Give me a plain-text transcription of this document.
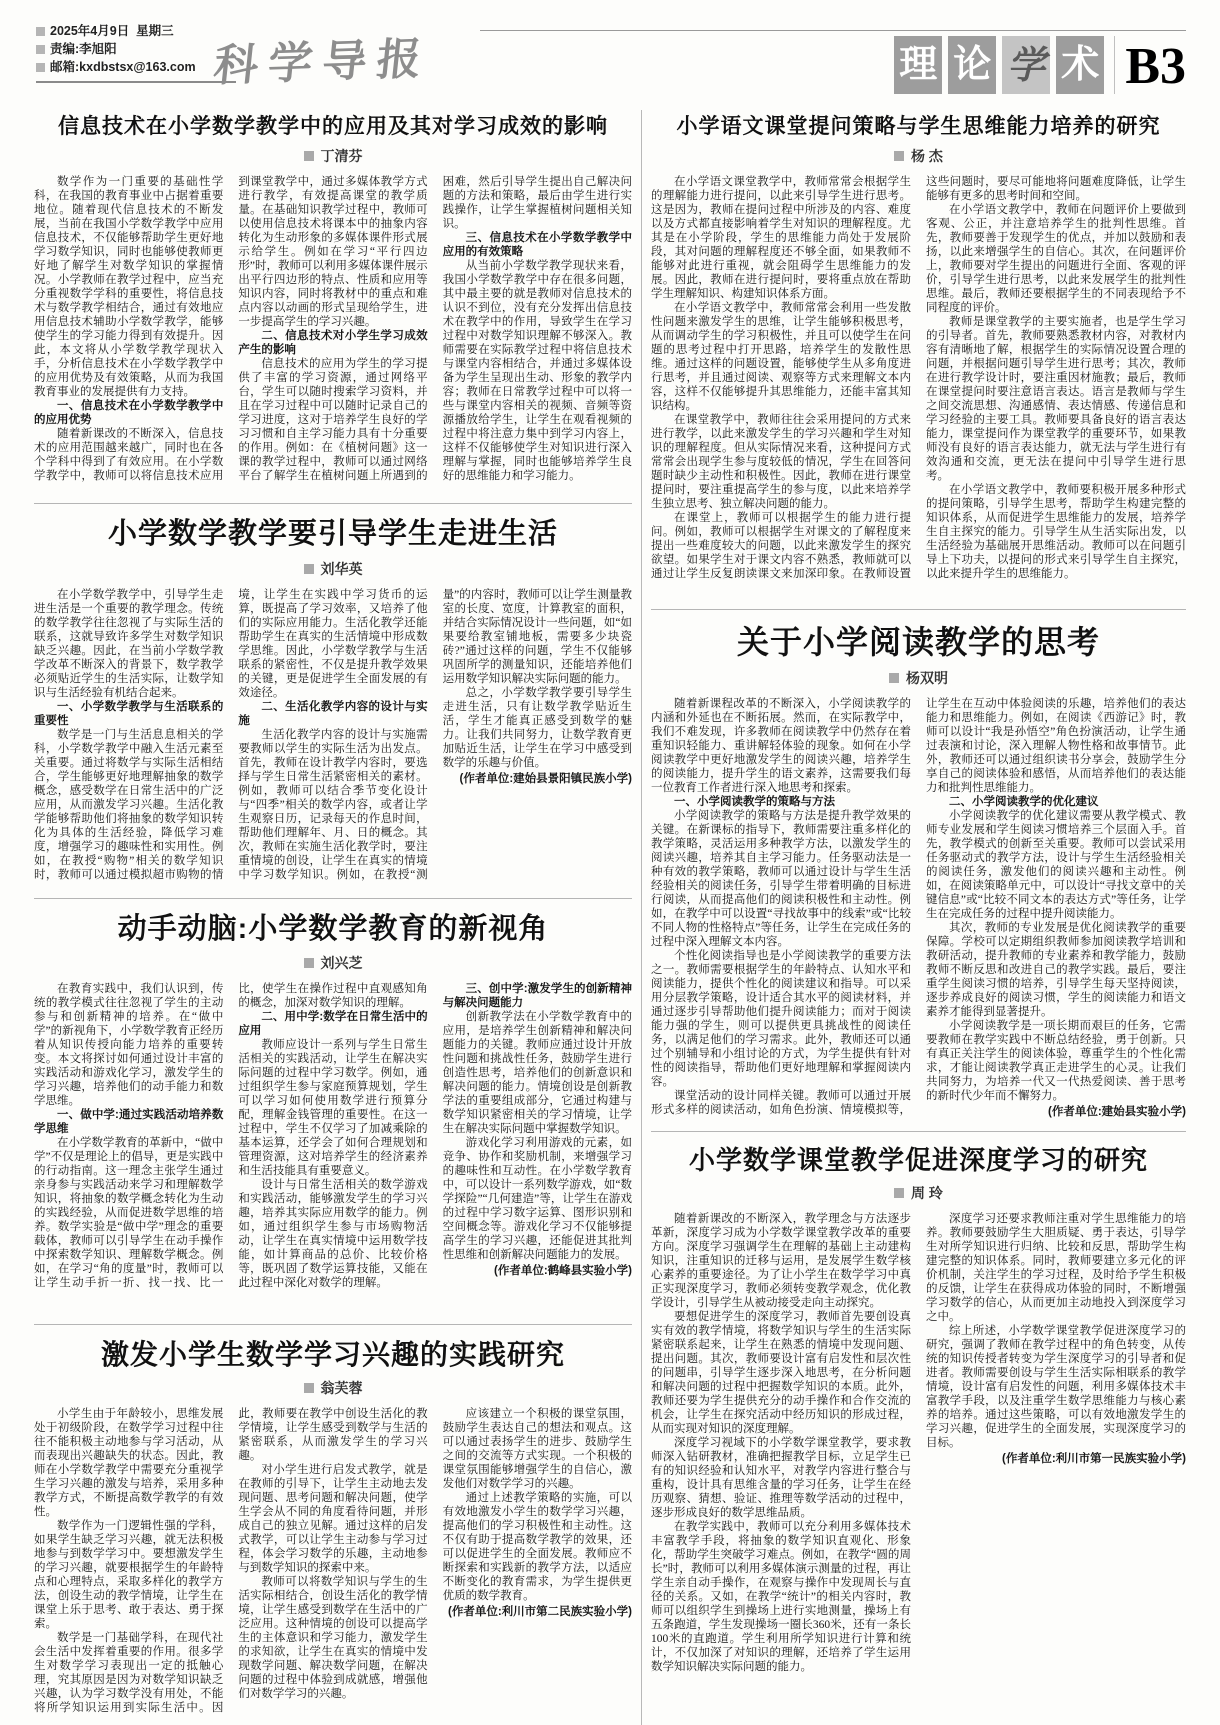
2025年4月9日
星期三
责编:李旭阳
邮箱:kxdbstsx@163.com 科学导报	理 论 学 术 B3
信息技术在小学数学教学中的应用及其对学习成效的影响
丁清芬

数学作为一门重要的基础性学科，在我国的教育事业中占据着重要地位。随着现代信息技术的不断发展，当前在我国小学数学教学中应用信息技术，不仅能够帮助学生更好地学习数学知识，同时也能够使教师更好地了解学生对数学知识的掌握情况。小学教师在教学过程中，应当充分重视数学学科的重要性，将信息技术与数学教学相结合，通过有效地应用信息技术辅助小学数学教学，能够使学生的学习能力得到有效提升。因此，本文将从小学数学教学现状入手，分析信息技术在小学数学教学中的应用优势及有效策略，从而为我国教育事业的发展提供有力支持。

一、信息技术在小学数学教学中的应用优势

随着新课改的不断深入，信息技术的应用范围越来越广，同时也在各个学科中得到了有效应用。在小学数学教学中，教师可以将信息技术应用到课堂教学中，通过多媒体教学方式进行教学，有效提高课堂的教学质量。在基础知识教学过程中，教师可以使用信息技术将课本中的抽象内容转化为生动形象的多媒体课件形式展示给学生。例如在学习“平行四边形”时，教师可以利用多媒体课件展示出平行四边形的特点、性质和应用等知识内容，同时将教材中的重点和难点内容以动画的形式呈现给学生，进一步提高学生的学习兴趣。

二、信息技术对小学生学习成效产生的影响

信息技术的应用为学生的学习提供了丰富的学习资源，通过网络平台，学生可以随时搜索学习资料，并且在学习过程中可以随时记录自己的学习进度，这对于培养学生良好的学习习惯和自主学习能力具有十分重要的作用。例如：在《植树问题》这一课的教学过程中，教师可以通过网络平台了解学生在植树问题上所遇到的困难，然后引导学生提出自己解决问题的方法和策略，最后由学生进行实践操作，让学生掌握植树问题相关知识。

三、信息技术在小学数学教学中应用的有效策略

从当前小学数学教学现状来看，我国小学数学教学中存在很多问题，其中最主要的就是教师对信息技术的认识不到位，没有充分发挥出信息技术在教学中的作用，导致学生在学习过程中对数学知识理解不够深入。教师需要在实际教学过程中将信息技术与课堂内容相结合，并通过多媒体设备为学生呈现出生动、形象的教学内容；教师在日常教学过程中可以将一些与课堂内容相关的视频、音频等资源播放给学生，让学生在观看视频的过程中将注意力集中到学习内容上，这样不仅能够使学生对知识进行深入理解与掌握，同时也能够培养学生良好的思维能力和学习能力。

小学数学教学要引导学生走进生活
刘华英

在小学数学教学中，引导学生走进生活是一个重要的教学理念。传统的数学教学往往忽视了与实际生活的联系，这就导致许多学生对数学知识缺乏兴趣。因此，在当前小学数学教学改革不断深入的背景下，数学教学必须贴近学生的生活实际，让数学知识与生活经验有机结合起来。

一、小学数学教学与生活联系的重要性

数学是一门与生活息息相关的学科，小学数学教学中融入生活元素至关重要。通过将数学与实际生活相结合，学生能够更好地理解抽象的数学概念，感受数学在日常生活中的广泛应用，从而激发学习兴趣。生活化教学能够帮助他们将抽象的数学知识转化为具体的生活经验，降低学习难度，增强学习的趣味性和实用性。例如，在教授“购物”相关的数学知识时，教师可以通过模拟超市购物的情境，让学生在实践中学习货币的运算，既提高了学习效率，又培养了他们的实际应用能力。生活化教学还能帮助学生在真实的生活情境中形成数学思维。因此，小学数学教学与生活联系的紧密性，不仅是提升教学效果的关键，更是促进学生全面发展的有效途径。

二、生活化教学内容的设计与实施

生活化教学内容的设计与实施需要教师以学生的实际生活为出发点。首先，教师在设计教学内容时，要选择与学生日常生活紧密相关的素材。例如，教师可以结合季节变化设计与“四季”相关的数学内容，或者让学生观察日历，记录每天的作息时间，帮助他们理解年、月、日的概念。其次，教师在实施生活化教学时，要注重情境的创设，让学生在真实的情境中学习数学知识。例如，在教授“测量”的内容时，教师可以让学生测量教室的长度、宽度，计算教室的面积，并结合实际情况设计一些问题，如“如果要给教室铺地板，需要多少块瓷砖?”通过这样的问题，学生不仅能够巩固所学的测量知识，还能培养他们运用数学知识解决实际问题的能力。

总之，小学数学教学要引导学生走进生活，只有让数学教学贴近生活，学生才能真正感受到数学的魅力。让我们共同努力，让数学教育更加贴近生活，让学生在学习中感受到数学的乐趣与价值。

(作者单位:建始县景阳镇民族小学)

动手动脑:小学数学教育的新视角
刘兴芝

在教育实践中，我们认识到，传统的教学模式往往忽视了学生的主动参与和创新精神的培养。在“做中学”的新视角下，小学数学教育正经历着从知识传授向能力培养的重要转变。本文将探讨如何通过设计丰富的实践活动和游戏化学习，激发学生的学习兴趣，培养他们的动手能力和数学思维。

一、做中学:通过实践活动培养数学思维

在小学数学教育的革新中，“做中学”不仅是理论上的倡导，更是实践中的行动指南。这一理念主张学生通过亲身参与实践活动来学习和理解数学知识，将抽象的数学概念转化为生动的实践经验，从而促进数学思维的培养。数学实验是“做中学”理念的重要载体，教师可以引导学生在动手操作中探索数学知识、理解数学概念。例如，在学习“角的度量”时，教师可以让学生动手折一折、找一找、比一比，使学生在操作过程中直观感知角的概念，加深对数学知识的理解。

二、用中学:数学在日常生活中的应用

教师应设计一系列与学生日常生活相关的实践活动，让学生在解决实际问题的过程中学习数学。例如，通过组织学生参与家庭预算规划，学生可以学习如何使用数学进行预算分配，理解金钱管理的重要性。在这一过程中，学生不仅学习了加减乘除的基本运算，还学会了如何合理规划和管理资源，这对培养学生的经济素养和生活技能具有重要意义。

设计与日常生活相关的数学游戏和实践活动，能够激发学生的学习兴趣，培养其实际应用数学的能力。例如，通过组织学生参与市场购物活动，让学生在真实情境中运用数学技能，如计算商品的总价、比较价格等，既巩固了数学运算技能，又能在此过程中深化对数学的理解。

三、创中学:激发学生的创新精神与解决问题能力

创新教学法在小学数学教育中的应用，是培养学生创新精神和解决问题能力的关键。教师应通过设计开放性问题和挑战性任务，鼓励学生进行创造性思考，培养他们的创新意识和解决问题的能力。情境创设是创新教学法的重要组成部分，它通过构建与数学知识紧密相关的学习情境，让学生在解决实际问题中掌握数学知识。

游戏化学习利用游戏的元素，如竞争、协作和奖励机制，来增强学习的趣味性和互动性。在小学数学教育中，可以设计一系列数学游戏，如“数学探险”“几何建造”等，让学生在游戏的过程中学习数字运算、图形识别和空间概念等。游戏化学习不仅能够提高学生的学习兴趣，还能促进其批判性思维和创新解决问题能力的发展。

(作者单位:鹤峰县实验小学)

激发小学生数学学习兴趣的实践研究
翁芙蓉

小学生由于年龄较小，思维发展处于初级阶段，在数学学习过程中往往不能积极主动地参与学习活动，从而表现出兴趣缺失的状态。因此，教师在小学数学教学中需要充分重视学生学习兴趣的激发与培养，采用多种教学方式，不断提高数学教学的有效性。

数学作为一门逻辑性强的学科，如果学生缺乏学习兴趣，就无法积极地参与到数学学习中。要想激发学生的学习兴趣，就要根据学生的年龄特点和心理特点，采取多样化的教学方法，创设生动的教学情境，让学生在课堂上乐于思考、敢于表达、勇于探索。

数学是一门基础学科，在现代社会生活中发挥着重要的作用。很多学生对数学学习表现出一定的抵触心理，究其原因是因为对数学知识缺乏兴趣，认为学习数学没有用处，不能将所学知识运用到实际生活中。因此，教师要在教学中创设生活化的教学情境，让学生感受到数学与生活的紧密联系，从而激发学生的学习兴趣。

对小学生进行启发式教学，就是在教师的引导下，让学生主动地去发现问题、思考问题和解决问题，使学生学会从不同的角度看待问题，并形成自己的独立见解。通过这样的启发式教学，可以让学生主动参与学习过程，体会学习数学的乐趣，主动地参与到数学知识的探索中来。

教师可以将数学知识与学生的生活实际相结合，创设生活化的教学情境，让学生感受到数学在生活中的广泛应用。这种情境的创设可以提高学生的主体意识和学习能力，激发学生的求知欲，让学生在真实的情境中发现数学问题、解决数学问题，在解决问题的过程中体验到成就感，增强他们对数学学习的兴趣。

应该建立一个积极的课堂氛围，鼓励学生表达自己的想法和观点。这可以通过表扬学生的进步、鼓励学生之间的交流等方式实现。一个积极的课堂氛围能够增强学生的自信心，激发他们对数学学习的兴趣。

通过上述教学策略的实施，可以有效地激发小学生的数学学习兴趣，提高他们的学习积极性和主动性。这不仅有助于提高数学教学的效果，还可以促进学生的全面发展。教师应不断探索和实践新的教学方法，以适应不断变化的教育需求，为学生提供更优质的数学教育。

(作者单位:利川市第二民族实验小学)

小学语文课堂提问策略与学生思维能力培养的研究
杨 杰

在小学语文课堂教学中，教师常常会根据学生的理解能力进行提问，以此来引导学生进行思考。这是因为，教师在提问过程中所涉及的内容、难度以及方式都直接影响着学生对知识的理解程度。尤其是在小学阶段，学生的思维能力尚处于发展阶段，其对问题的理解程度还不够全面，如果教师不能够对此进行重视，就会阻碍学生思维能力的发展。因此，教师在进行提问时，要将重点放在帮助学生理解知识、构建知识体系方面。

在小学语文教学中，教师常常会利用一些发散性问题来激发学生的思维，让学生能够积极思考，从而调动学生的学习积极性，并且可以使学生在问题的思考过程中打开思路，培养学生的发散性思维。通过这样的问题设置，能够使学生从多角度进行思考，并且通过阅读、观察等方式来理解文本内容，这样不仅能够提升其思维能力，还能丰富其知识结构。

在课堂教学中，教师往往会采用提问的方式来进行教学，以此来激发学生的学习兴趣和学生对知识的理解程度。但从实际情况来看，这种提问方式常常会出现学生参与度较低的情况，学生在回答问题时缺少主动性和积极性。因此，教师在进行课堂提问时，要注重提高学生的参与度，以此来培养学生独立思考、独立解决问题的能力。

在课堂上，教师可以根据学生的能力进行提问。例如，教师可以根据学生对课文的了解程度来提出一些难度较大的问题，以此来激发学生的探究欲望。如果学生对于课文内容不熟悉，教师就可以通过让学生反复朗读课文来加深印象。在教师设置这些问题时，要尽可能地将问题难度降低，让学生能够有更多的思考时间和空间。

在小学语文教学中，教师在问题评价上要做到客观、公正，并注意培养学生的批判性思维。首先，教师要善于发现学生的优点，并加以鼓励和表扬，以此来增强学生的自信心。其次，在问题评价上，教师要对学生提出的问题进行全面、客观的评价，引导学生进行思考，以此来发展学生的批判性思维。最后，教师还要根据学生的不同表现给予不同程度的评价。

教师是课堂教学的主要实施者，也是学生学习的引导者。首先，教师要熟悉教材内容，对教材内容有清晰地了解，根据学生的实际情况设置合理的问题，并根据问题引导学生进行思考；其次，教师在进行教学设计时，要注重因材施教；最后，教师在课堂提问时要注意语言表达。语言是教师与学生之间交流思想、沟通感情、表达情感、传递信息和学习经验的主要工具。教师要具备良好的语言表达能力，课堂提问作为课堂教学的重要环节，如果教师没有良好的语言表达能力，就无法与学生进行有效沟通和交流，更无法在提问中引导学生进行思考。

在小学语文教学中，教师要积极开展多种形式的提问策略，引导学生思考，帮助学生构建完整的知识体系，从而促进学生思维能力的发展，培养学生自主探究的能力。引导学生从生活实际出发，以生活经验为基础展开思维活动。教师可以在问题引导上下功夫，以提问的形式来引导学生自主探究，以此来提升学生的思维能力。

关于小学阅读教学的思考
杨双明

随着新课程改革的不断深入，小学阅读教学的内涵和外延也在不断拓展。然而，在实际教学中，我们不难发现，许多教师在阅读教学中仍然存在着重知识轻能力、重讲解轻体验的现象。如何在小学阅读教学中更好地激发学生的阅读兴趣，培养学生的阅读能力，提升学生的语文素养，这需要我们每一位教育工作者进行深入地思考和探索。

一、小学阅读教学的策略与方法

小学阅读教学的策略与方法是提升教学效果的关键。在新课标的指导下，教师需要注重多样化的教学策略，灵活运用多种教学方法，以激发学生的阅读兴趣，培养其自主学习能力。任务驱动法是一种有效的教学策略，教师可以通过设计与学生生活经验相关的阅读任务，引导学生带着明确的目标进行阅读，从而提高他们的阅读积极性和主动性。例如，在教学中可以设置“寻找故事中的线索”或“比较不同人物的性格特点”等任务，让学生在完成任务的过程中深入理解文本内容。

个性化阅读指导也是小学阅读教学的重要方法之一。教师需要根据学生的年龄特点、认知水平和阅读能力，提供个性化的阅读建议和指导。可以采用分层教学策略，设计适合其水平的阅读材料，并通过逐步引导帮助他们提升阅读能力；而对于阅读能力强的学生，则可以提供更具挑战性的阅读任务，以满足他们的学习需求。此外，教师还可以通过个别辅导和小组讨论的方式，为学生提供有针对性的阅读指导，帮助他们更好地理解和掌握阅读内容。

课堂活动的设计同样关键。教师可以通过开展形式多样的阅读活动，如角色扮演、情境模拟等，让学生在互动中体验阅读的乐趣，培养他们的表达能力和思维能力。例如，在阅读《西游记》时，教师可以设计“我是孙悟空”角色扮演活动，让学生通过表演和讨论，深入理解人物性格和故事情节。此外，教师还可以通过组织读书分享会，鼓励学生分享自己的阅读体验和感悟，从而培养他们的表达能力和批判性思维能力。

二、小学阅读教学的优化建议

小学阅读教学的优化建议需要从教学模式、教师专业发展和学生阅读习惯培养三个层面入手。首先，教学模式的创新至关重要。教师可以尝试采用任务驱动式的教学方法，设计与学生生活经验相关的阅读任务，激发他们的阅读兴趣和主动性。例如，在阅读策略单元中，可以设计“寻找文章中的关键信息”或“比较不同文本的表达方式”等任务，让学生在完成任务的过程中提升阅读能力。

其次，教师的专业发展是优化阅读教学的重要保障。学校可以定期组织教师参加阅读教学培训和教研活动，提升教师的专业素养和教学能力，鼓励教师不断反思和改进自己的教学实践。最后，要注重学生阅读习惯的培养，引导学生每天坚持阅读，逐步养成良好的阅读习惯，学生的阅读能力和语文素养才能得到显著提升。

小学阅读教学是一项长期而艰巨的任务，它需要教师在教学实践中不断总结经验，勇于创新。只有真正关注学生的阅读体验，尊重学生的个性化需求，才能让阅读教学真正走进学生的心灵。让我们共同努力，为培养一代又一代热爱阅读、善于思考的新时代少年而不懈努力。

(作者单位:建始县实验小学)

小学数学课堂教学促进深度学习的研究
周 玲

随着新课改的不断深入，教学理念与方法逐步革新，深度学习成为小学数学课堂教学改革的重要方向。深度学习强调学生在理解的基础上主动建构知识，注重知识的迁移与运用，是发展学生数学核心素养的重要途径。为了让小学生在数学学习中真正实现深度学习，教师必须转变教学观念，优化教学设计，引导学生从被动接受走向主动探究。

要想促进学生的深度学习，教师首先要创设真实有效的教学情境，将数学知识与学生的生活实际紧密联系起来，让学生在熟悉的情境中发现问题、提出问题。其次，教师要设计富有启发性和层次性的问题串，引导学生逐步深入地思考，在分析问题和解决问题的过程中把握数学知识的本质。此外，教师还要为学生提供充分的动手操作和合作交流的机会，让学生在探究活动中经历知识的形成过程，从而实现对知识的深度理解。

深度学习视域下的小学数学课堂教学，要求教师深入钻研教材，准确把握教学目标，立足学生已有的知识经验和认知水平，对教学内容进行整合与重构，设计具有思维含量的学习任务，让学生在经历观察、猜想、验证、推理等数学活动的过程中，逐步形成良好的数学思维品质。

在教学实践中，教师可以充分利用多媒体技术丰富教学手段，将抽象的数学知识直观化、形象化，帮助学生突破学习难点。例如，在教学“圆的周长”时，教师可以利用多媒体演示测量的过程，再让学生亲自动手操作，在观察与操作中发现周长与直径的关系。又如，在教学“统计”的相关内容时，教师可以组织学生到操场上进行实地测量，操场上有五条跑道，学生发现操场一圈长360米，还有一条长100米的直跑道。学生利用所学知识进行计算和统计，不仅加深了对知识的理解，还培养了学生运用数学知识解决实际问题的能力。

深度学习还要求教师注重对学生思维能力的培养。教师要鼓励学生大胆质疑、勇于表达，引导学生对所学知识进行归纳、比较和反思，帮助学生构建完整的知识体系。同时，教师要建立多元化的评价机制，关注学生的学习过程，及时给予学生积极的反馈，让学生在获得成功体验的同时，不断增强学习数学的信心，从而更加主动地投入到深度学习之中。

综上所述，小学数学课堂教学促进深度学习的研究，强调了教师在教学过程中的角色转变，从传统的知识传授者转变为学生深度学习的引导者和促进者。教师需要创设与学生生活实际相联系的教学情境，设计富有启发性的问题，利用多媒体技术丰富教学手段，以及注重学生数学思维能力与核心素养的培养。通过这些策略，可以有效地激发学生的学习兴趣，促进学生的全面发展，实现深度学习的目标。

(作者单位:利川市第一民族实验小学)
